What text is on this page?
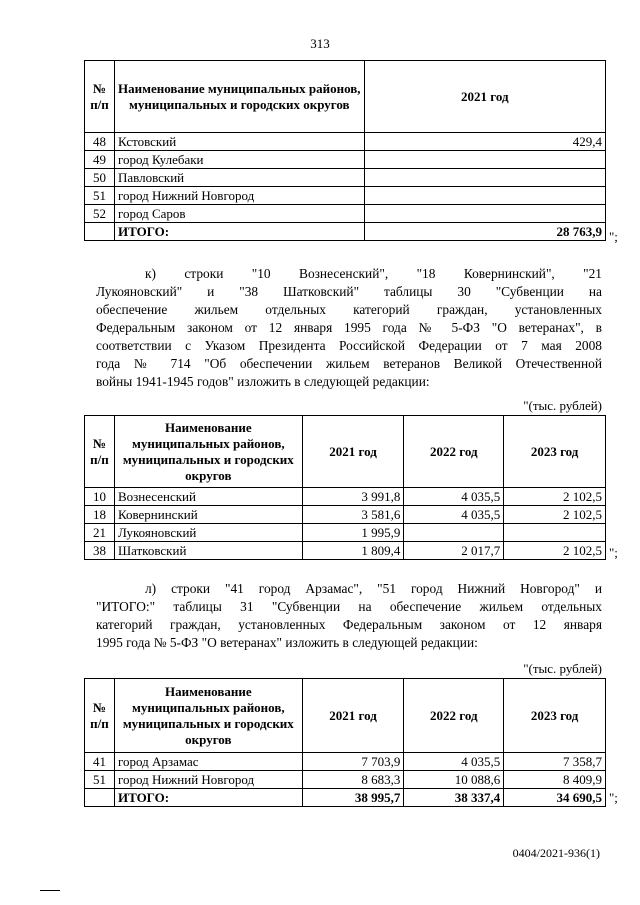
313
№ п/п	Наименование муниципальных районов, муниципальных и городских округов	2021 год
48	Кстовский	429,4
49	город Кулебаки	
50	Павловский	
51	город Нижний Новгород	
52	город Саров	
	ИТОГО:	28 763,9 ";
к) строки "10 Вознесенский", "18 Ковернинский", "21
Лукояновский" и "38 Шатковский" таблицы 30 "Субвенции на
обеспечение жильем отдельных категорий граждан, установленных
Федеральным законом от 12 января 1995 года № 5-ФЗ "О ветеранах", в
соответствии с Указом Президента Российской Федерации от 7 мая 2008
года № 714 "Об обеспечении жильем ветеранов Великой Отечественной
войны 1941-1945 годов" изложить в следующей редакции:
"(тыс. рублей)
№ п/п	Наименование муниципальных районов, муниципальных и городских округов	2021 год	2022 год	2023 год
10	Вознесенский	3 991,8	4 035,5	2 102,5
18	Ковернинский	3 581,6	4 035,5	2 102,5
21	Лукояновский	1 995,9		
38	Шатковский	1 809,4	2 017,7	2 102,5 ";
л) строки "41 город Арзамас", "51 город Нижний Новгород" и
"ИТОГО:" таблицы 31 "Субвенции на обеспечение жильем отдельных
категорий граждан, установленных Федеральным законом от 12 января
1995 года № 5-ФЗ "О ветеранах" изложить в следующей редакции:
"(тыс. рублей)
№ п/п	Наименование муниципальных районов, муниципальных и городских округов	2021 год	2022 год	2023 год
41	город Арзамас	7 703,9	4 035,5	7 358,7
51	город Нижний Новгород	8 683,3	10 088,6	8 409,9
	ИТОГО:	38 995,7	38 337,4	34 690,5 ";
0404/2021-936(1)
